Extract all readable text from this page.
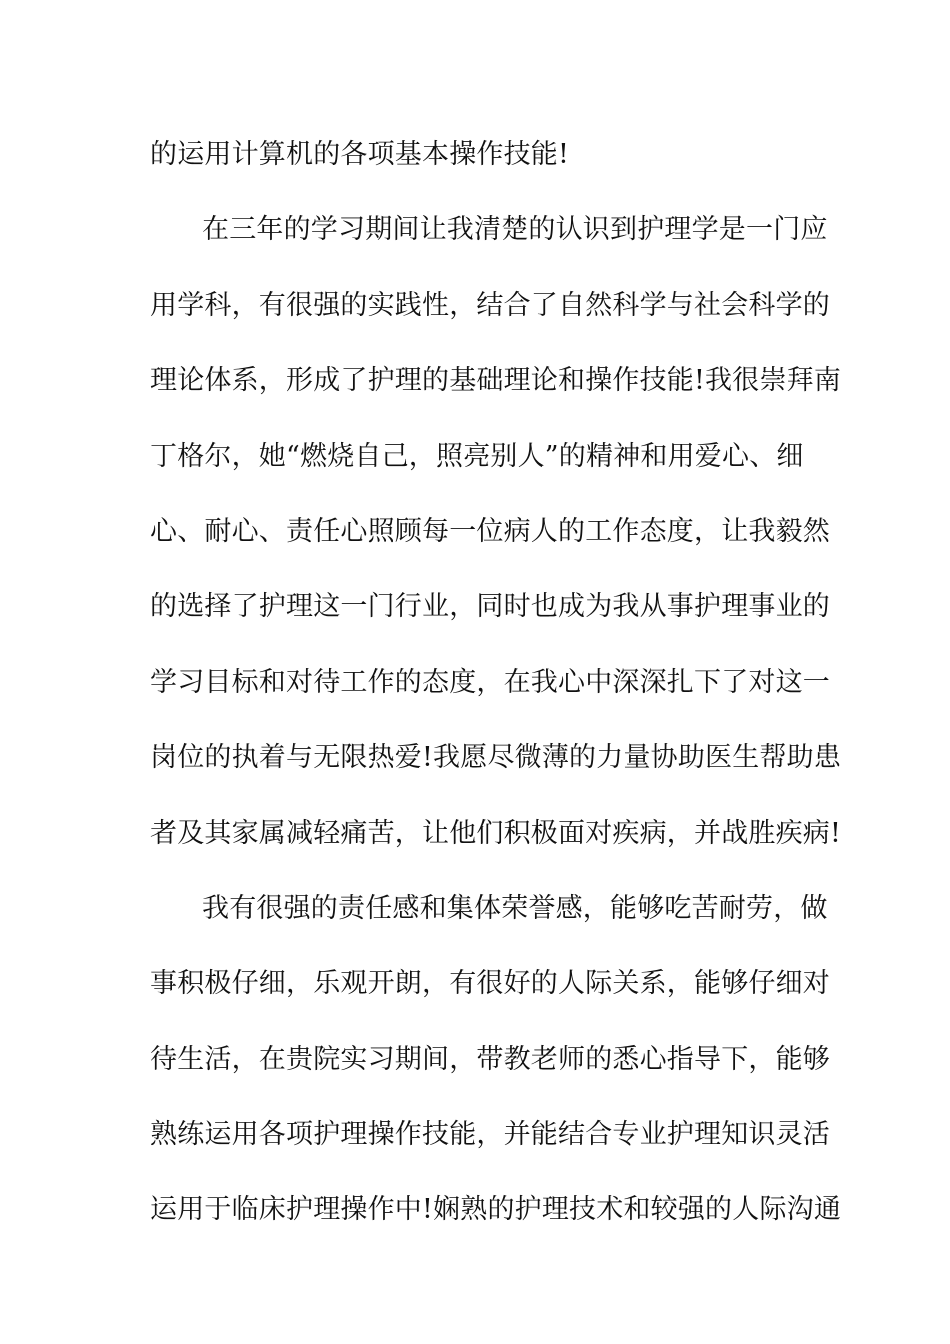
的运用计算机的各项基本操作技能!
在三年的学习期间让我清楚的认识到护理学是一门应
用学科，有很强的实践性，结合了自然科学与社会科学的
理论体系，形成了护理的基础理论和操作技能!我很崇拜南
丁格尔，她“燃烧自己，照亮别人”的精神和用爱心、细
心、耐心、责任心照顾每一位病人的工作态度，让我毅然
的选择了护理这一门行业，同时也成为我从事护理事业的
学习目标和对待工作的态度，在我心中深深扎下了对这一
岗位的执着与无限热爱!我愿尽微薄的力量协助医生帮助患
者及其家属减轻痛苦，让他们积极面对疾病，并战胜疾病!
我有很强的责任感和集体荣誉感，能够吃苦耐劳，做
事积极仔细，乐观开朗，有很好的人际关系，能够仔细对
待生活，在贵院实习期间，带教老师的悉心指导下，能够
熟练运用各项护理操作技能，并能结合专业护理知识灵活
运用于临床护理操作中!娴熟的护理技术和较强的人际沟通
